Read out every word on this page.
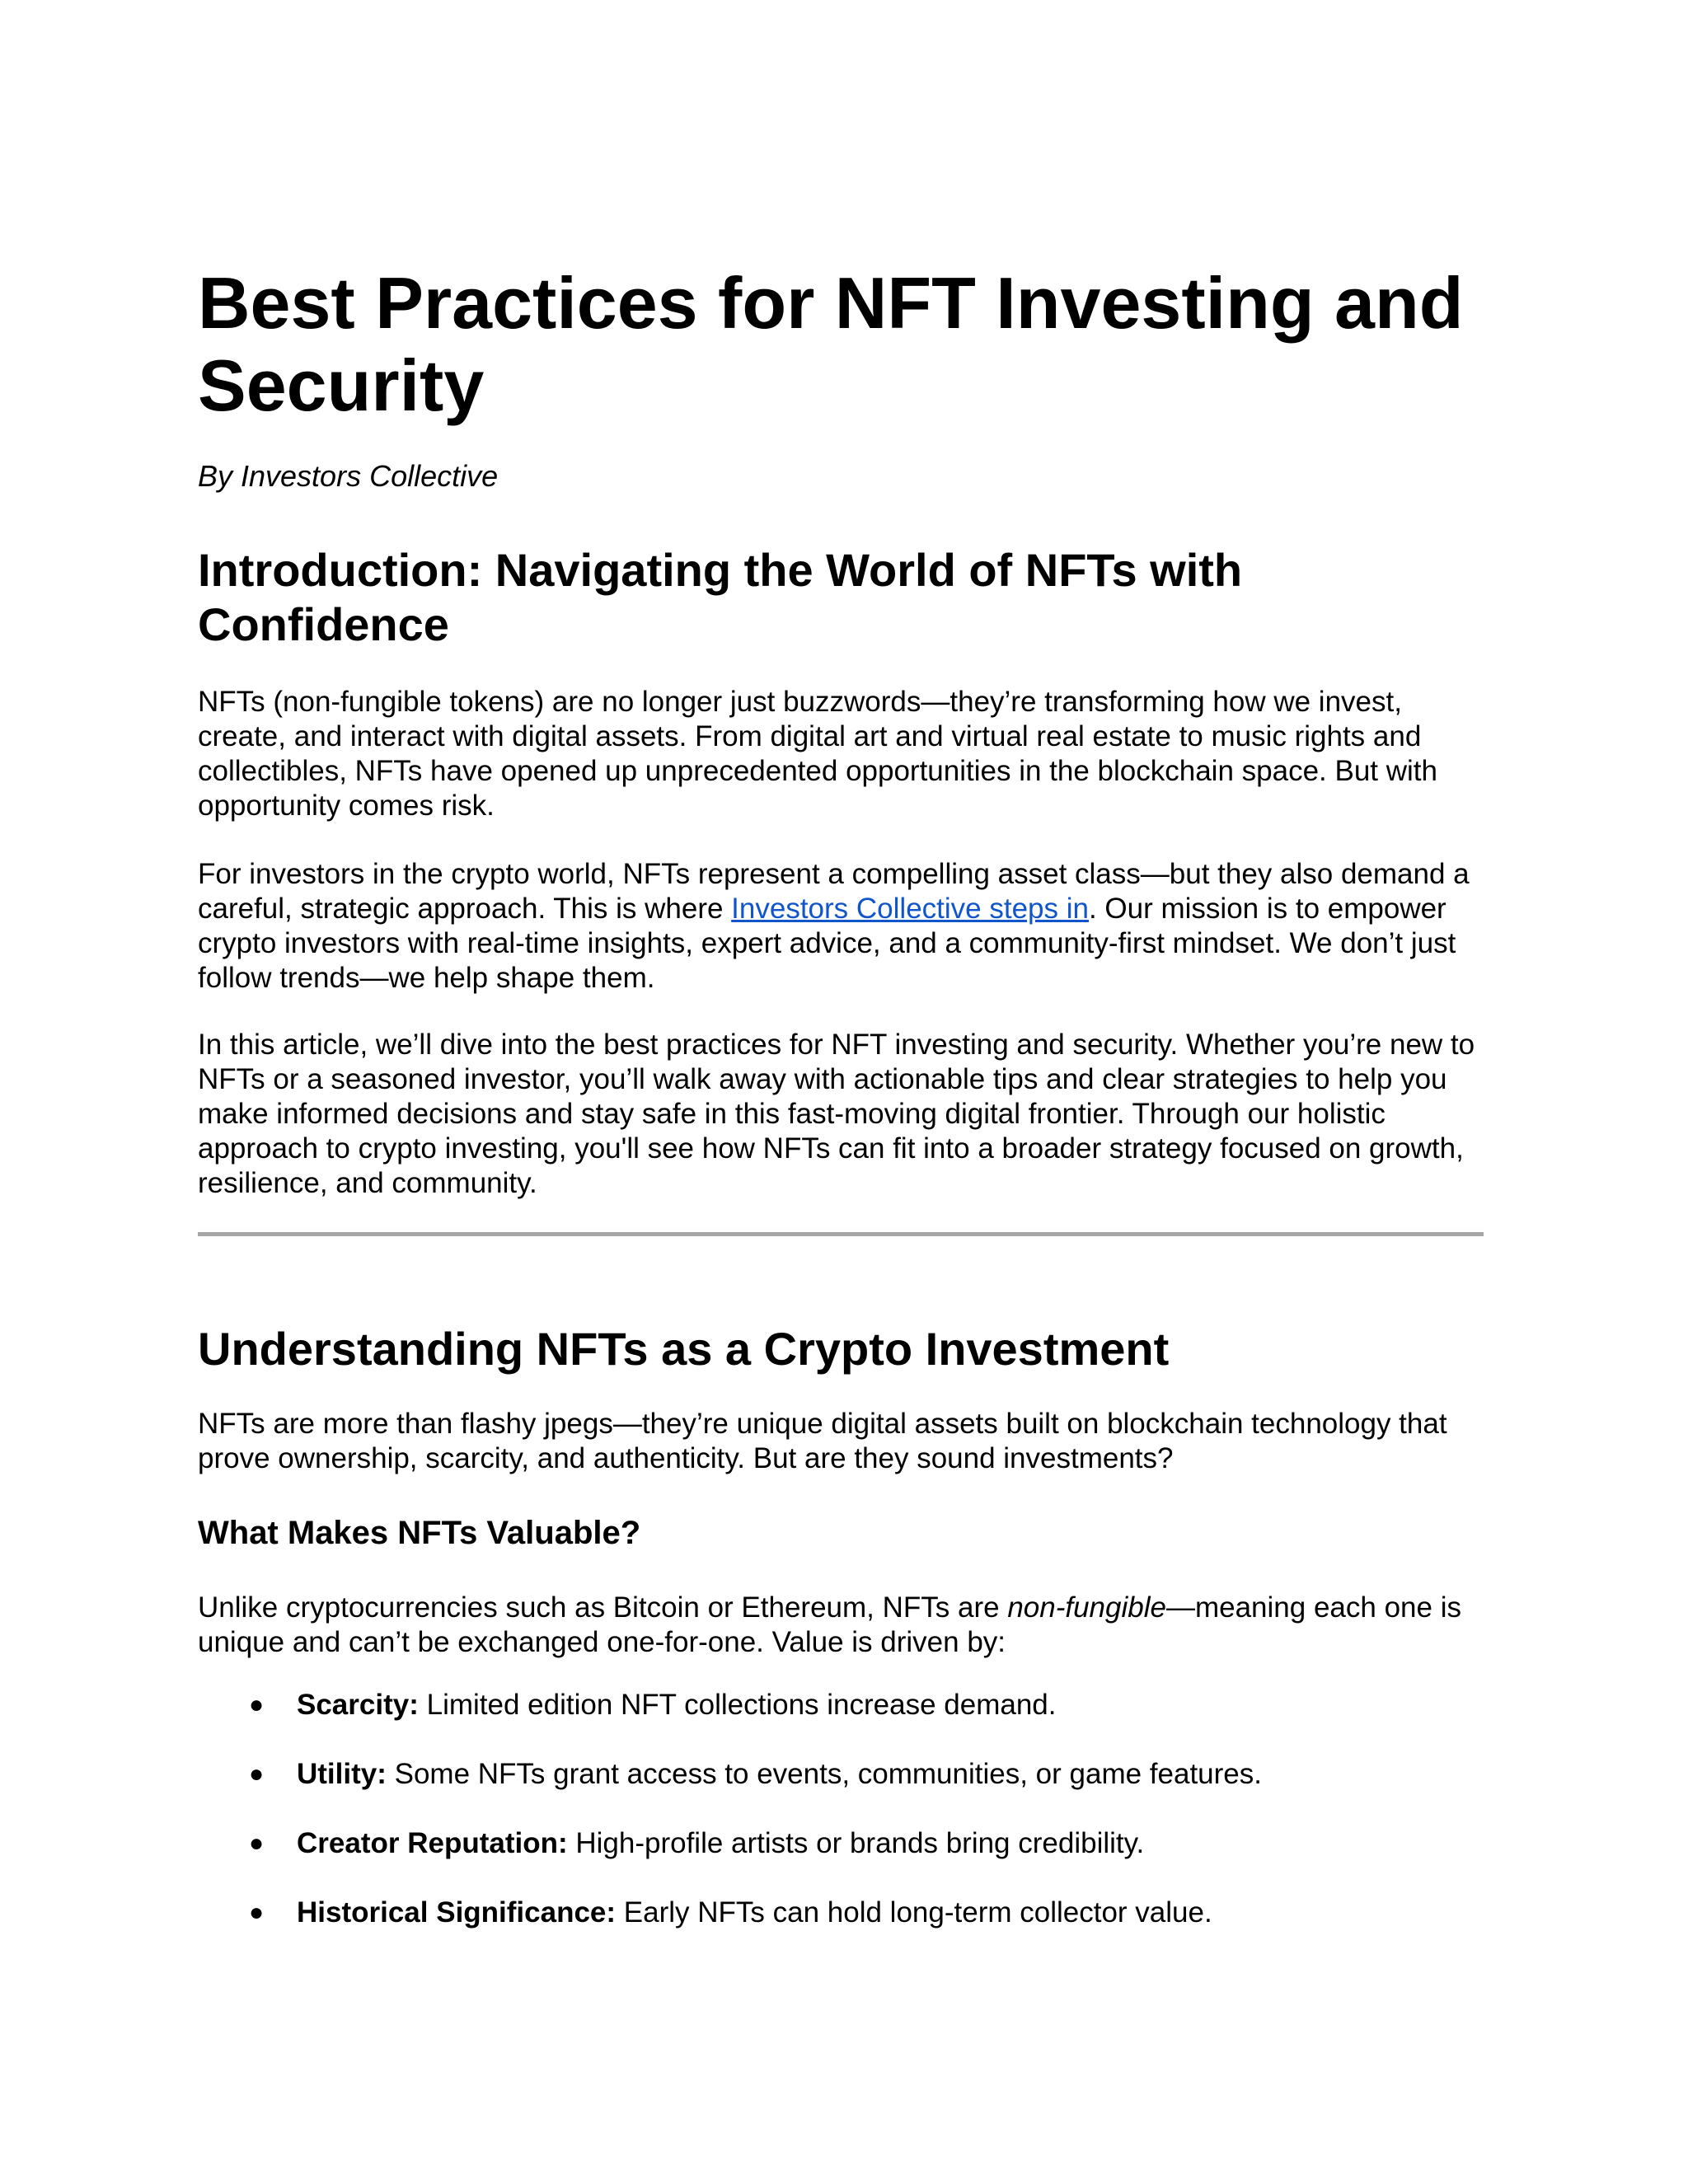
Best Practices for NFT Investing and Security

By Investors Collective

Introduction: Navigating the World of NFTs with Confidence

NFTs (non-fungible tokens) are no longer just buzzwords—they’re transforming how we invest, create, and interact with digital assets. From digital art and virtual real estate to music rights and collectibles, NFTs have opened up unprecedented opportunities in the blockchain space. But with opportunity comes risk.

For investors in the crypto world, NFTs represent a compelling asset class—but they also demand a careful, strategic approach. This is where Investors Collective steps in. Our mission is to empower crypto investors with real-time insights, expert advice, and a community-first mindset. We don’t just follow trends—we help shape them.

In this article, we’ll dive into the best practices for NFT investing and security. Whether you’re new to NFTs or a seasoned investor, you’ll walk away with actionable tips and clear strategies to help you make informed decisions and stay safe in this fast-moving digital frontier. Through our holistic approach to crypto investing, you'll see how NFTs can fit into a broader strategy focused on growth, resilience, and community.

Understanding NFTs as a Crypto Investment

NFTs are more than flashy jpegs—they’re unique digital assets built on blockchain technology that prove ownership, scarcity, and authenticity. But are they sound investments?

What Makes NFTs Valuable?

Unlike cryptocurrencies such as Bitcoin or Ethereum, NFTs are non-fungible—meaning each one is unique and can’t be exchanged one-for-one. Value is driven by:

● Scarcity: Limited edition NFT collections increase demand.
● Utility: Some NFTs grant access to events, communities, or game features.
● Creator Reputation: High-profile artists or brands bring credibility.
● Historical Significance: Early NFTs can hold long-term collector value.
